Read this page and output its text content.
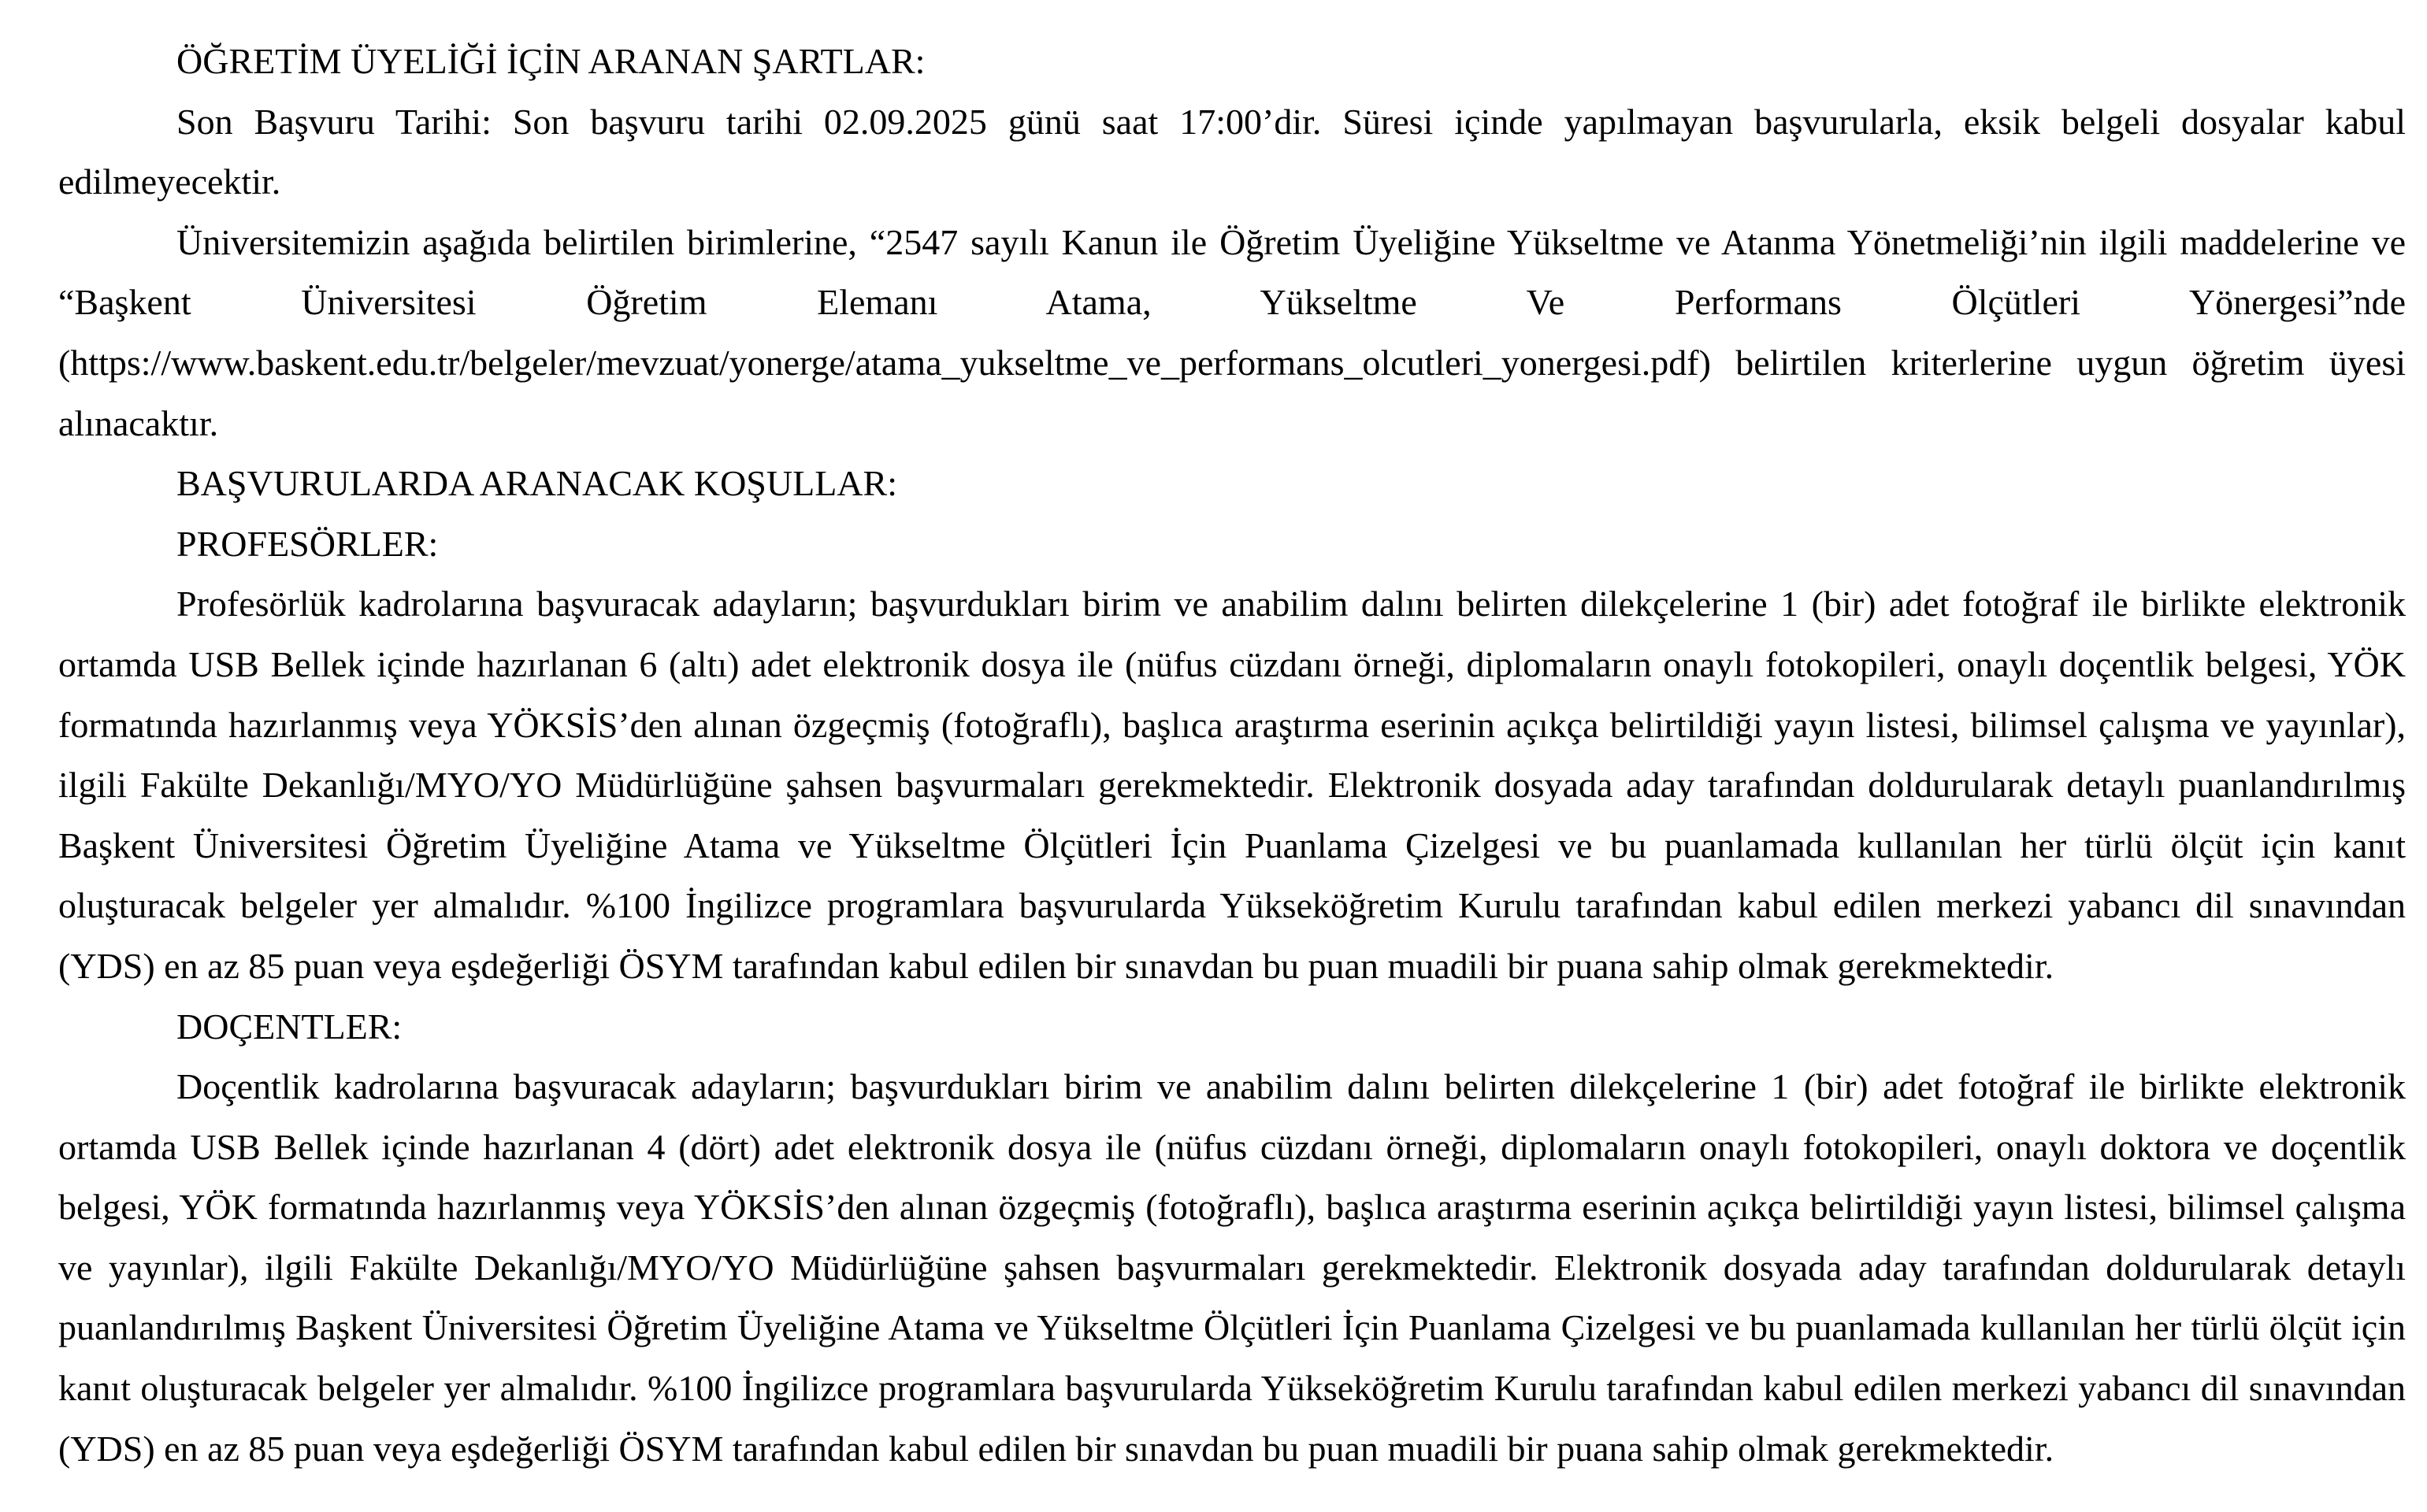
ÖĞRETİM ÜYELİĞİ İÇİN ARANAN ŞARTLAR:

Son Başvuru Tarihi: Son başvuru tarihi 02.09.2025 günü saat 17:00’dir. Süresi içinde yapılmayan başvurularla, eksik belgeli dosyalar kabul edilmeyecektir.

Üniversitemizin aşağıda belirtilen birimlerine, “2547 sayılı Kanun ile Öğretim Üyeliğine Yükseltme ve Atanma Yönetmeliği’nin ilgili maddelerine ve “Başkent Üniversitesi Öğretim Elemanı Atama, Yükseltme Ve Performans Ölçütleri Yönergesi”nde (https://www.baskent.edu.tr/belgeler/mevzuat/yonerge/atama_yukseltme_ve_performans_olcutleri_yonergesi.pdf) belirtilen kriterlerine uygun öğretim üyesi alınacaktır.

BAŞVURULARDA ARANACAK KOŞULLAR:
PROFESÖRLER:

Profesörlük kadrolarına başvuracak adayların; başvurdukları birim ve anabilim dalını belirten dilekçelerine 1 (bir) adet fotoğraf ile birlikte elektronik ortamda USB Bellek içinde hazırlanan 6 (altı) adet elektronik dosya ile (nüfus cüzdanı örneği, diplomaların onaylı fotokopileri, onaylı doçentlik belgesi, YÖK formatında hazırlanmış veya YÖKSİS’den alınan özgeçmiş (fotoğraflı), başlıca araştırma eserinin açıkça belirtildiği yayın listesi, bilimsel çalışma ve yayınlar), ilgili Fakülte Dekanlığı/MYO/YO Müdürlüğüne şahsen başvurmaları gerekmektedir. Elektronik dosyada aday tarafından doldurularak detaylı puanlandırılmış Başkent Üniversitesi Öğretim Üyeliğine Atama ve Yükseltme Ölçütleri İçin Puanlama Çizelgesi ve bu puanlamada kullanılan her türlü ölçüt için kanıt oluşturacak belgeler yer almalıdır. %100 İngilizce programlara başvurularda Yükseköğretim Kurulu tarafından kabul edilen merkezi yabancı dil sınavından (YDS) en az 85 puan veya eşdeğerliği ÖSYM tarafından kabul edilen bir sınavdan bu puan muadili bir puana sahip olmak gerekmektedir.

DOÇENTLER:

Doçentlik kadrolarına başvuracak adayların; başvurdukları birim ve anabilim dalını belirten dilekçelerine 1 (bir) adet fotoğraf ile birlikte elektronik ortamda USB Bellek içinde hazırlanan 4 (dört) adet elektronik dosya ile (nüfus cüzdanı örneği, diplomaların onaylı fotokopileri, onaylı doktora ve doçentlik belgesi, YÖK formatında hazırlanmış veya YÖKSİS’den alınan özgeçmiş (fotoğraflı), başlıca araştırma eserinin açıkça belirtildiği yayın listesi, bilimsel çalışma ve yayınlar), ilgili Fakülte Dekanlığı/MYO/YO Müdürlüğüne şahsen başvurmaları gerekmektedir. Elektronik dosyada aday tarafından doldurularak detaylı puanlandırılmış Başkent Üniversitesi Öğretim Üyeliğine Atama ve Yükseltme Ölçütleri İçin Puanlama Çizelgesi ve bu puanlamada kullanılan her türlü ölçüt için kanıt oluşturacak belgeler yer almalıdır. %100 İngilizce programlara başvurularda Yükseköğretim Kurulu tarafından kabul edilen merkezi yabancı dil sınavından (YDS) en az 85 puan veya eşdeğerliği ÖSYM tarafından kabul edilen bir sınavdan bu puan muadili bir puana sahip olmak gerekmektedir.
